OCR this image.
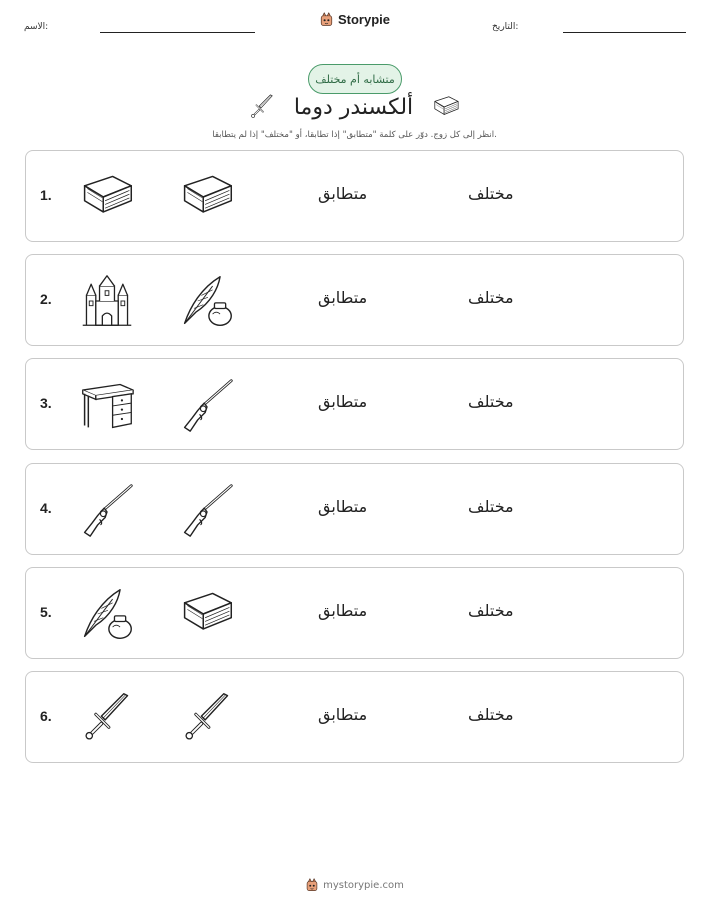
الاسم:	Storypie	التاريخ:
متشابه أم مختلف
ألكسندر دوما
انظر إلى كل زوج. دوّر على كلمة "متطابق" إذا تطابقا، أو "مختلف" إذا لم يتطابقا.
1.	متطابق	مختلف
2.	متطابق	مختلف
3.	متطابق	مختلف
4.	متطابق	مختلف
5.	متطابق	مختلف
6.	متطابق	مختلف
mystorypie.com
